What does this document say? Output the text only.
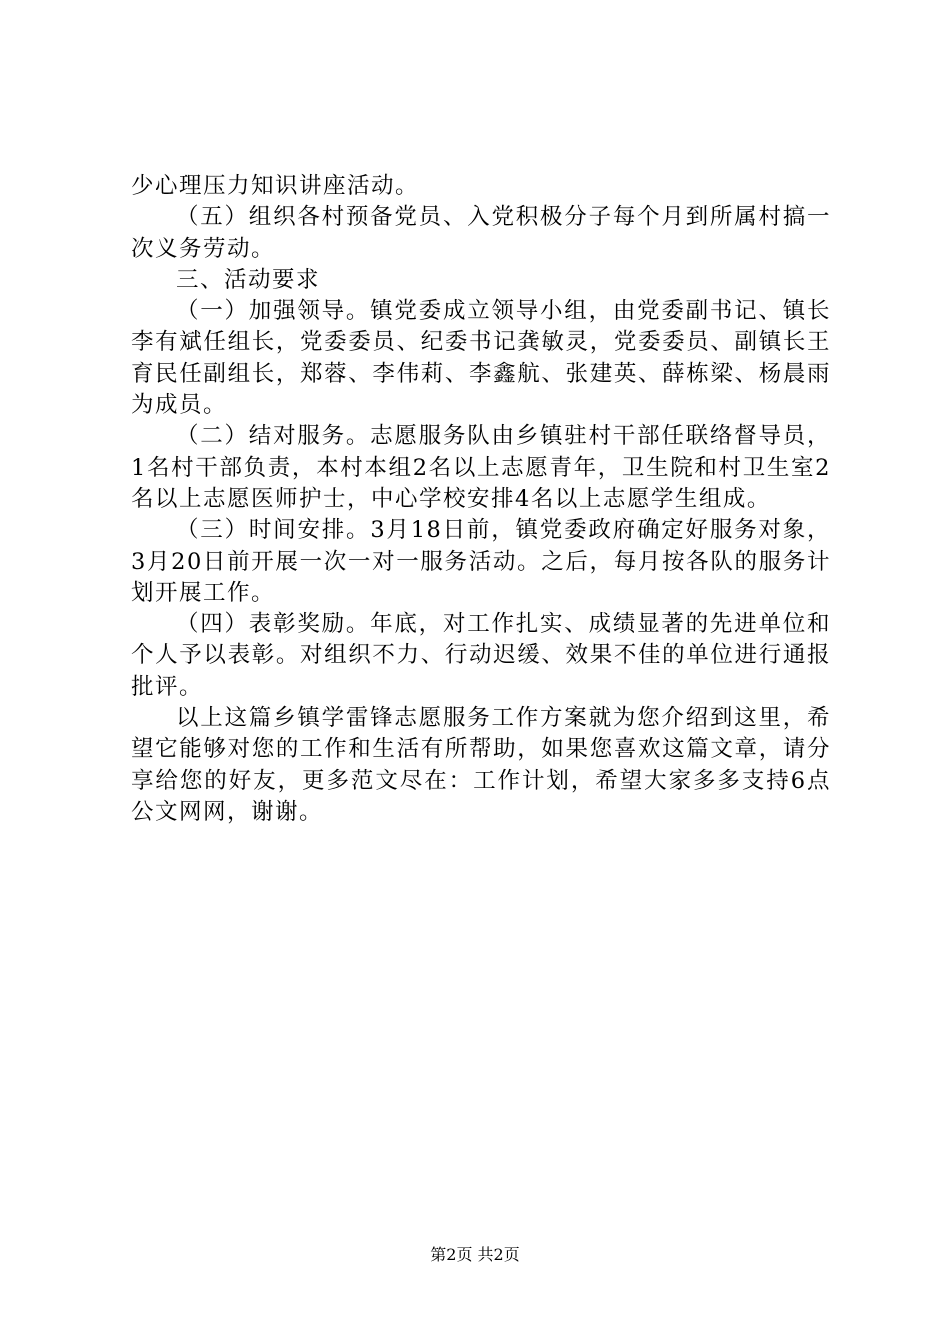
少心理压力知识讲座活动。

（五）组织各村预备党员、入党积极分子每个月到所属村搞一次义务劳动。

三、活动要求

（一）加强领导。镇党委成立领导小组，由党委副书记、镇长李有斌任组长，党委委员、纪委书记龚敏灵，党委委员、副镇长王育民任副组长，郑蓉、李伟莉、李鑫航、张建英、薛栋梁、杨晨雨为成员。

（二）结对服务。志愿服务队由乡镇驻村干部任联络督导员，1名村干部负责，本村本组2名以上志愿青年，卫生院和村卫生室2名以上志愿医师护士，中心学校安排4名以上志愿学生组成。

（三）时间安排。3月18日前，镇党委政府确定好服务对象，3月20日前开展一次一对一服务活动。之后，每月按各队的服务计划开展工作。

（四）表彰奖励。年底，对工作扎实、成绩显著的先进单位和个人予以表彰。对组织不力、行动迟缓、效果不佳的单位进行通报批评。

以上这篇乡镇学雷锋志愿服务工作方案就为您介绍到这里，希望它能够对您的工作和生活有所帮助，如果您喜欢这篇文章，请分享给您的好友，更多范文尽在：工作计划，希望大家多多支持6点公文网网，谢谢。

第2页 共2页
